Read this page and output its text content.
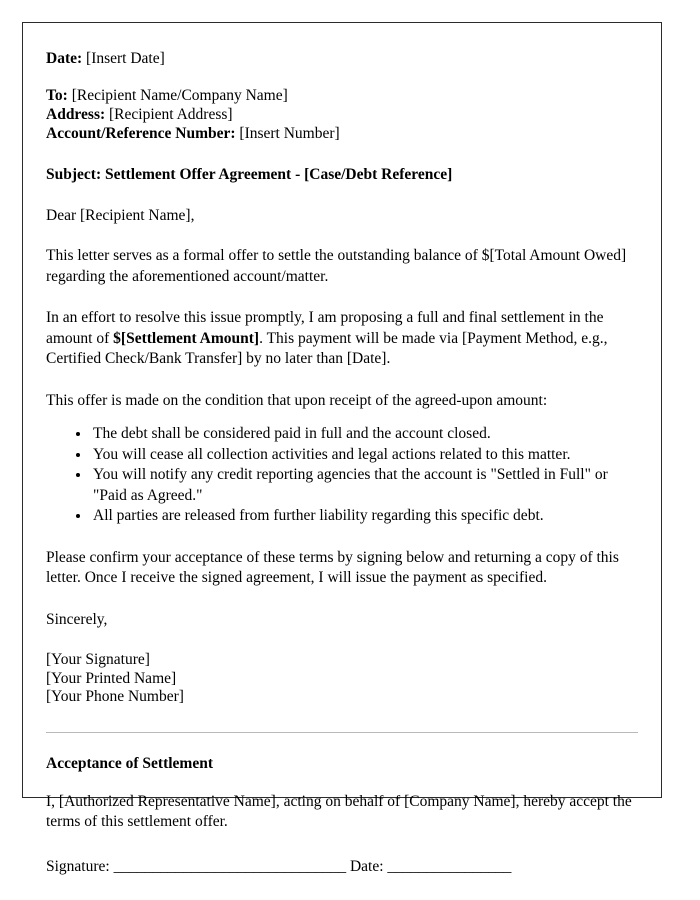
Date: [Insert Date]
To: [Recipient Name/Company Name]
Address: [Recipient Address]
Account/Reference Number: [Insert Number]
Subject: Settlement Offer Agreement - [Case/Debt Reference]
Dear [Recipient Name],

This letter serves as a formal offer to settle the outstanding balance of $[Total Amount Owed] regarding the aforementioned account/matter.

In an effort to resolve this issue promptly, I am proposing a full and final settlement in the amount of $[Settlement Amount]. This payment will be made via [Payment Method, e.g., Certified Check/Bank Transfer] by no later than [Date].

This offer is made on the condition that upon receipt of the agreed-upon amount:

• The debt shall be considered paid in full and the account closed.
• You will cease all collection activities and legal actions related to this matter.
• You will notify any credit reporting agencies that the account is "Settled in Full" or "Paid as Agreed."
• All parties are released from further liability regarding this specific debt.

Please confirm your acceptance of these terms by signing below and returning a copy of this letter. Once I receive the signed agreement, I will issue the payment as specified.

Sincerely,
[Your Signature]
[Your Printed Name]
[Your Phone Number]
Acceptance of Settlement

I, [Authorized Representative Name], acting on behalf of [Company Name], hereby accept the terms of this settlement offer.

Signature: ______________________________ Date: ________________
